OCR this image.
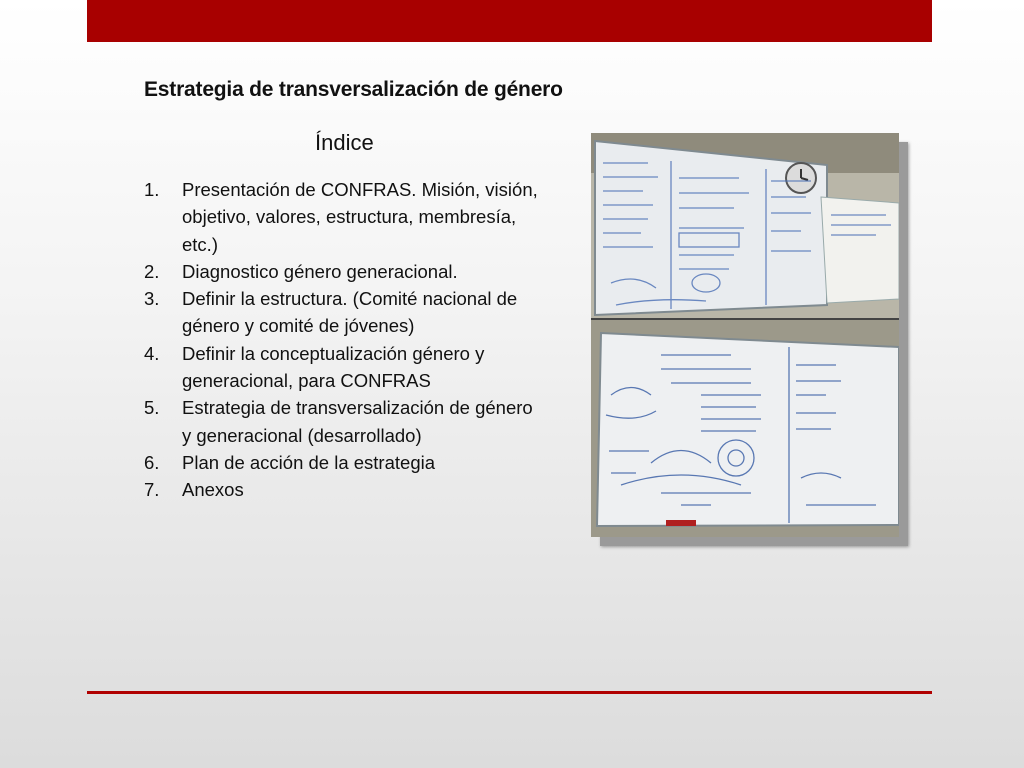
Estrategia de transversalización de género
Índice
1.	Presentación de CONFRAS. Misión, visión, objetivo, valores, estructura, membresía, etc.)
2.	Diagnostico género generacional.
3.	Definir la estructura. (Comité nacional de género y comité de jóvenes)
4.	Definir la conceptualización género y generacional, para CONFRAS
5.	Estrategia de transversalización de género y generacional (desarrollado)
6.	Plan de acción de la estrategia
7.	Anexos
